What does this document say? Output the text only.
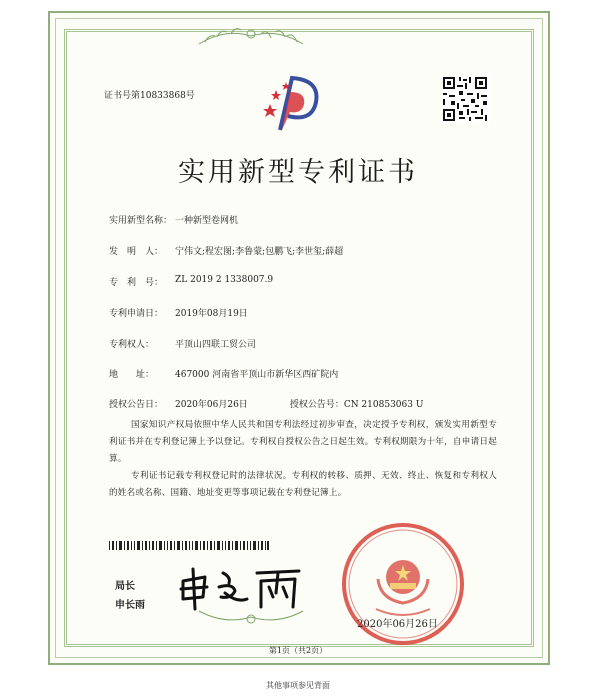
证书号第10833868号
实用新型专利证书
实用新型名称： 一种新型卷网机
发　明　人：	宁伟文;程宏图;李鲁蒙;包鹏飞;李世玺;薛超
专　利　号：	ZL 2019 2 1338007.9
专利申请日：	2019年08月19日
专利权人：	平顶山四联工贸公司
地　　址：	467000 河南省平顶山市新华区西矿院内
授权公告日：	2020年06月26日	授权公告号：CN 210853063 U
国家知识产权局依照中华人民共和国专利法经过初步审查，决定授予专利权，颁发实用新型专利证书并在专利登记簿上予以登记。专利权自授权公告之日起生效。专利权期限为十年，自申请日起算。
专利证书记载专利权登记时的法律状况。专利权的转移、质押、无效、终止、恢复和专利权人的姓名或名称、国籍、地址变更等事项记载在专利登记簿上。
局长
申长雨
2020年06月26日
第1页（共2页）
其他事项参见背面
